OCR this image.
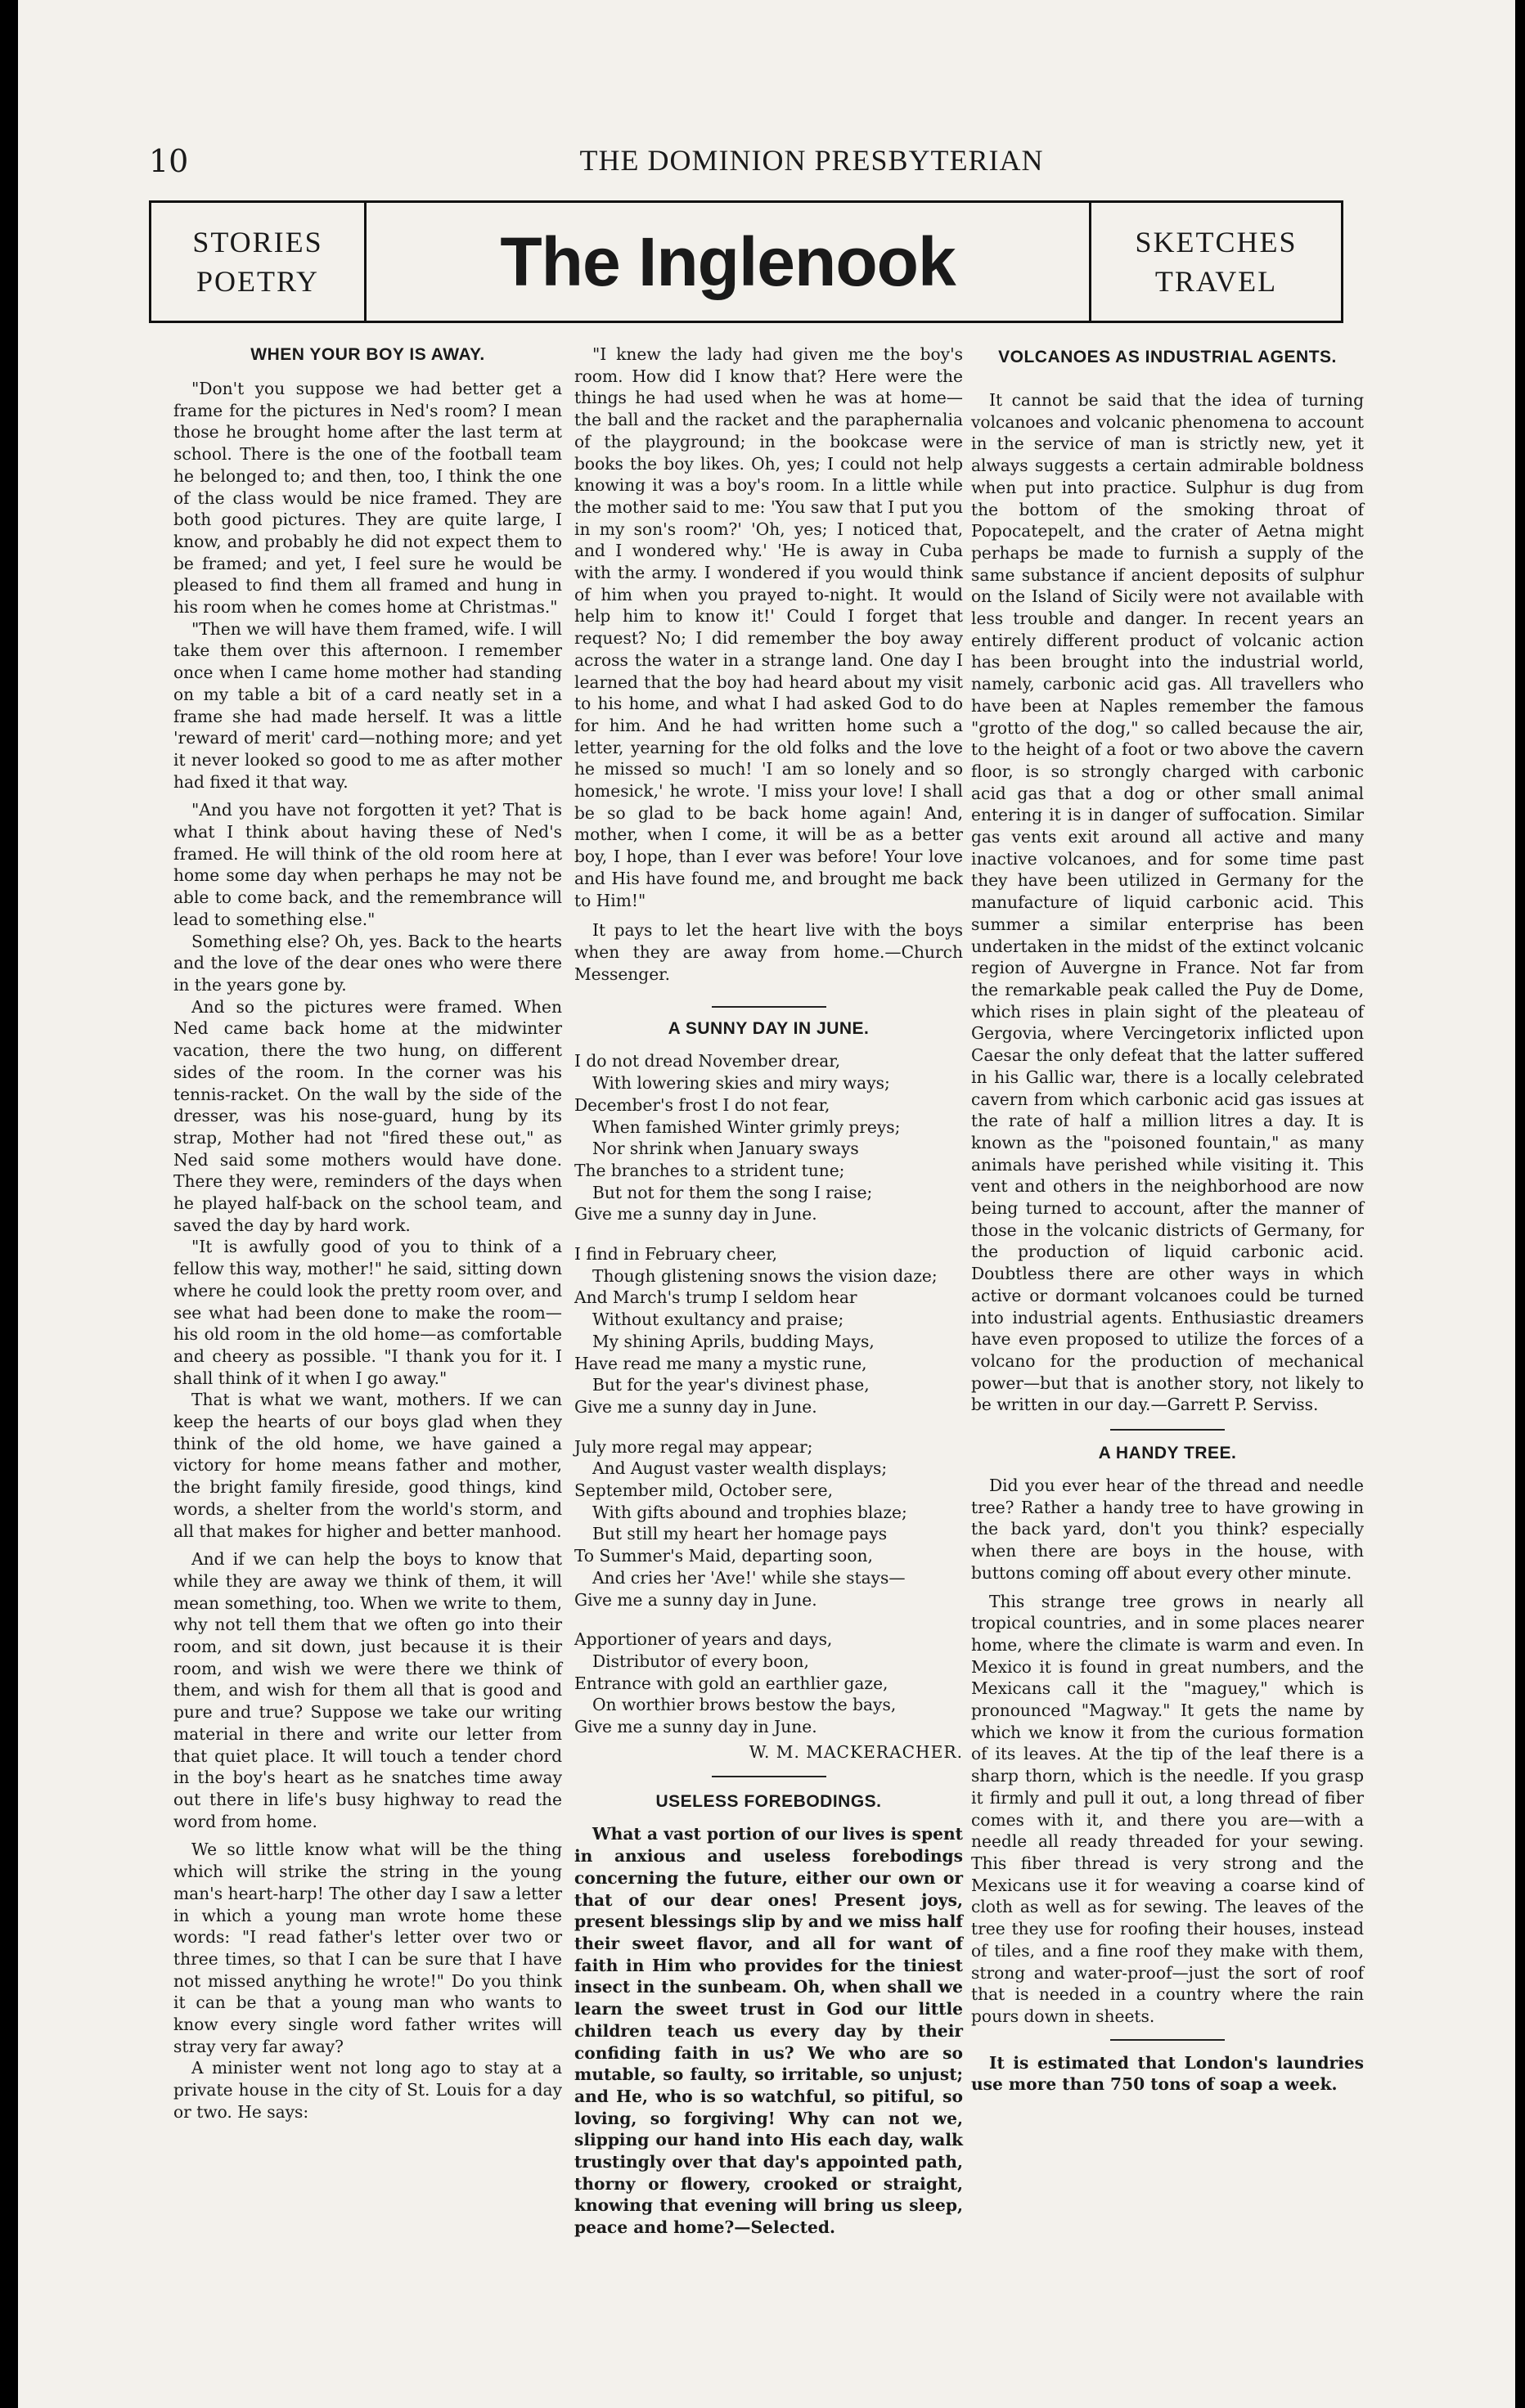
10	THE DOMINION PRESBYTERIAN
STORIES
POETRY	The Inglenook	SKETCHES
TRAVEL
WHEN YOUR BOY IS AWAY.

"Don't you suppose we had better get a frame for the pictures in Ned's room? I mean those he brought home after the last term at school. There is the one of the football team he belonged to; and then, too, I think the one of the class would be nice framed. They are both good pictures. They are quite large, I know, and probably he did not expect them to be framed; and yet, I feel sure he would be pleased to find them all framed and hung in his room when he comes home at Christmas."

"Then we will have them framed, wife. I will take them over this afternoon. I remember once when I came home mother had standing on my table a bit of a card neatly set in a frame she had made herself. It was a little 'reward of merit' card—nothing more; and yet it never looked so good to me as after mother had fixed it that way.

"And you have not forgotten it yet? That is what I think about having these of Ned's framed. He will think of the old room here at home some day when perhaps he may not be able to come back, and the remembrance will lead to something else."

Something else? Oh, yes. Back to the hearts and the love of the dear ones who were there in the years gone by.

And so the pictures were framed. When Ned came back home at the midwinter vacation, there the two hung, on different sides of the room. In the corner was his tennis-racket. On the wall by the side of the dresser, was his nose-guard, hung by its strap, Mother had not "fired these out," as Ned said some mothers would have done. There they were, reminders of the days when he played half-back on the school team, and saved the day by hard work.

"It is awfully good of you to think of a fellow this way, mother!" he said, sitting down where he could look the pretty room over, and see what had been done to make the room—his old room in the old home—as comfortable and cheery as possible. "I thank you for it. I shall think of it when I go away."

That is what we want, mothers. If we can keep the hearts of our boys glad when they think of the old home, we have gained a victory for home means father and mother, the bright family fireside, good things, kind words, a shelter from the world's storm, and all that makes for higher and better manhood.

And if we can help the boys to know that while they are away we think of them, it will mean something, too. When we write to them, why not tell them that we often go into their room, and sit down, just because it is their room, and wish we were there we think of them, and wish for them all that is good and pure and true? Suppose we take our writing material in there and write our letter from that quiet place. It will touch a tender chord in the boy's heart as he snatches time away out there in life's busy highway to read the word from home.

We so little know what will be the thing which will strike the string in the young man's heart-harp! The other day I saw a letter in which a young man wrote home these words: "I read father's letter over two or three times, so that I can be sure that I have not missed anything he wrote!" Do you think it can be that a young man who wants to know every single word father writes will stray very far away?

A minister went not long ago to stay at a private house in the city of St. Louis for a day or two. He says:

"I knew the lady had given me the boy's room. How did I know that? Here were the things he had used when he was at home—the ball and the racket and the paraphernalia of the playground; in the bookcase were books the boy likes. Oh, yes; I could not help knowing it was a boy's room. In a little while the mother said to me: 'You saw that I put you in my son's room?' 'Oh, yes; I noticed that, and I wondered why.' 'He is away in Cuba with the army. I wondered if you would think of him when you prayed to-night. It would help him to know it!' Could I forget that request? No; I did remember the boy away across the water in a strange land. One day I learned that the boy had heard about my visit to his home, and what I had asked God to do for him. And he had written home such a letter, yearning for the old folks and the love he missed so much! 'I am so lonely and so homesick,' he wrote. 'I miss your love! I shall be so glad to be back home again! And, mother, when I come, it will be as a better boy, I hope, than I ever was before! Your love and His have found me, and brought me back to Him!"

It pays to let the heart live with the boys when they are away from home.—Church Messenger.

A SUNNY DAY IN JUNE.
I do not dread November drear,
With lowering skies and miry ways;
December's frost I do not fear,
When famished Winter grimly preys;
Nor shrink when January sways
The branches to a strident tune;
But not for them the song I raise;
Give me a sunny day in June.
I find in February cheer,
Though glistening snows the vision daze;
And March's trump I seldom hear
Without exultancy and praise;
My shining Aprils, budding Mays,
Have read me many a mystic rune,
But for the year's divinest phase,
Give me a sunny day in June.
July more regal may appear;
And August vaster wealth displays;
September mild, October sere,
With gifts abound and trophies blaze;
But still my heart her homage pays
To Summer's Maid, departing soon,
And cries her 'Ave!' while she stays—
Give me a sunny day in June.
Apportioner of years and days,
Distributor of every boon,
Entrance with gold an earthlier gaze,
On worthier brows bestow the bays,
Give me a sunny day in June.
W. M. MACKERACHER.
USELESS FOREBODINGS.

What a vast portion of our lives is spent in anxious and useless forebodings concerning the future, either our own or that of our dear ones! Present joys, present blessings slip by and we miss half their sweet flavor, and all for want of faith in Him who provides for the tiniest insect in the sunbeam. Oh, when shall we learn the sweet trust in God our little children teach us every day by their confiding faith in us? We who are so mutable, so faulty, so irritable, so unjust; and He, who is so watchful, so pitiful, so loving, so forgiving! Why can not we, slipping our hand into His each day, walk trustingly over that day's appointed path, thorny or flowery, crooked or straight, knowing that evening will bring us sleep, peace and home?—Selected.

VOLCANOES AS INDUSTRIAL AGENTS.

It cannot be said that the idea of turning volcanoes and volcanic phenomena to account in the service of man is strictly new, yet it always suggests a certain admirable boldness when put into practice. Sulphur is dug from the bottom of the smoking throat of Popocatepelt, and the crater of Aetna might perhaps be made to furnish a supply of the same substance if ancient deposits of sulphur on the Island of Sicily were not available with less trouble and danger. In recent years an entirely different product of volcanic action has been brought into the industrial world, namely, carbonic acid gas. All travellers who have been at Naples remember the famous "grotto of the dog," so called because the air, to the height of a foot or two above the cavern floor, is so strongly charged with carbonic acid gas that a dog or other small animal entering it is in danger of suffocation. Similar gas vents exit around all active and many inactive volcanoes, and for some time past they have been utilized in Germany for the manufacture of liquid carbonic acid. This summer a similar enterprise has been undertaken in the midst of the extinct volcanic region of Auvergne in France. Not far from the remarkable peak called the Puy de Dome, which rises in plain sight of the pleateau of Gergovia, where Vercingetorix inflicted upon Caesar the only defeat that the latter suffered in his Gallic war, there is a locally celebrated cavern from which carbonic acid gas issues at the rate of half a million litres a day. It is known as the "poisoned fountain," as many animals have perished while visiting it. This vent and others in the neighborhood are now being turned to account, after the manner of those in the volcanic districts of Germany, for the production of liquid carbonic acid. Doubtless there are other ways in which active or dormant volcanoes could be turned into industrial agents. Enthusiastic dreamers have even proposed to utilize the forces of a volcano for the production of mechanical power—but that is another story, not likely to be written in our day.—Garrett P. Serviss.

A HANDY TREE.

Did you ever hear of the thread and needle tree? Rather a handy tree to have growing in the back yard, don't you think? especially when there are boys in the house, with buttons coming off about every other minute.

This strange tree grows in nearly all tropical countries, and in some places nearer home, where the climate is warm and even. In Mexico it is found in great numbers, and the Mexicans call it the "maguey," which is pronounced "Magway." It gets the name by which we know it from the curious formation of its leaves. At the tip of the leaf there is a sharp thorn, which is the needle. If you grasp it firmly and pull it out, a long thread of fiber comes with it, and there you are—with a needle all ready threaded for your sewing. This fiber thread is very strong and the Mexicans use it for weaving a coarse kind of cloth as well as for sewing. The leaves of the tree they use for roofing their houses, instead of tiles, and a fine roof they make with them, strong and water-proof—just the sort of roof that is needed in a country where the rain pours down in sheets.

It is estimated that London's laundries use more than 750 tons of soap a week.
